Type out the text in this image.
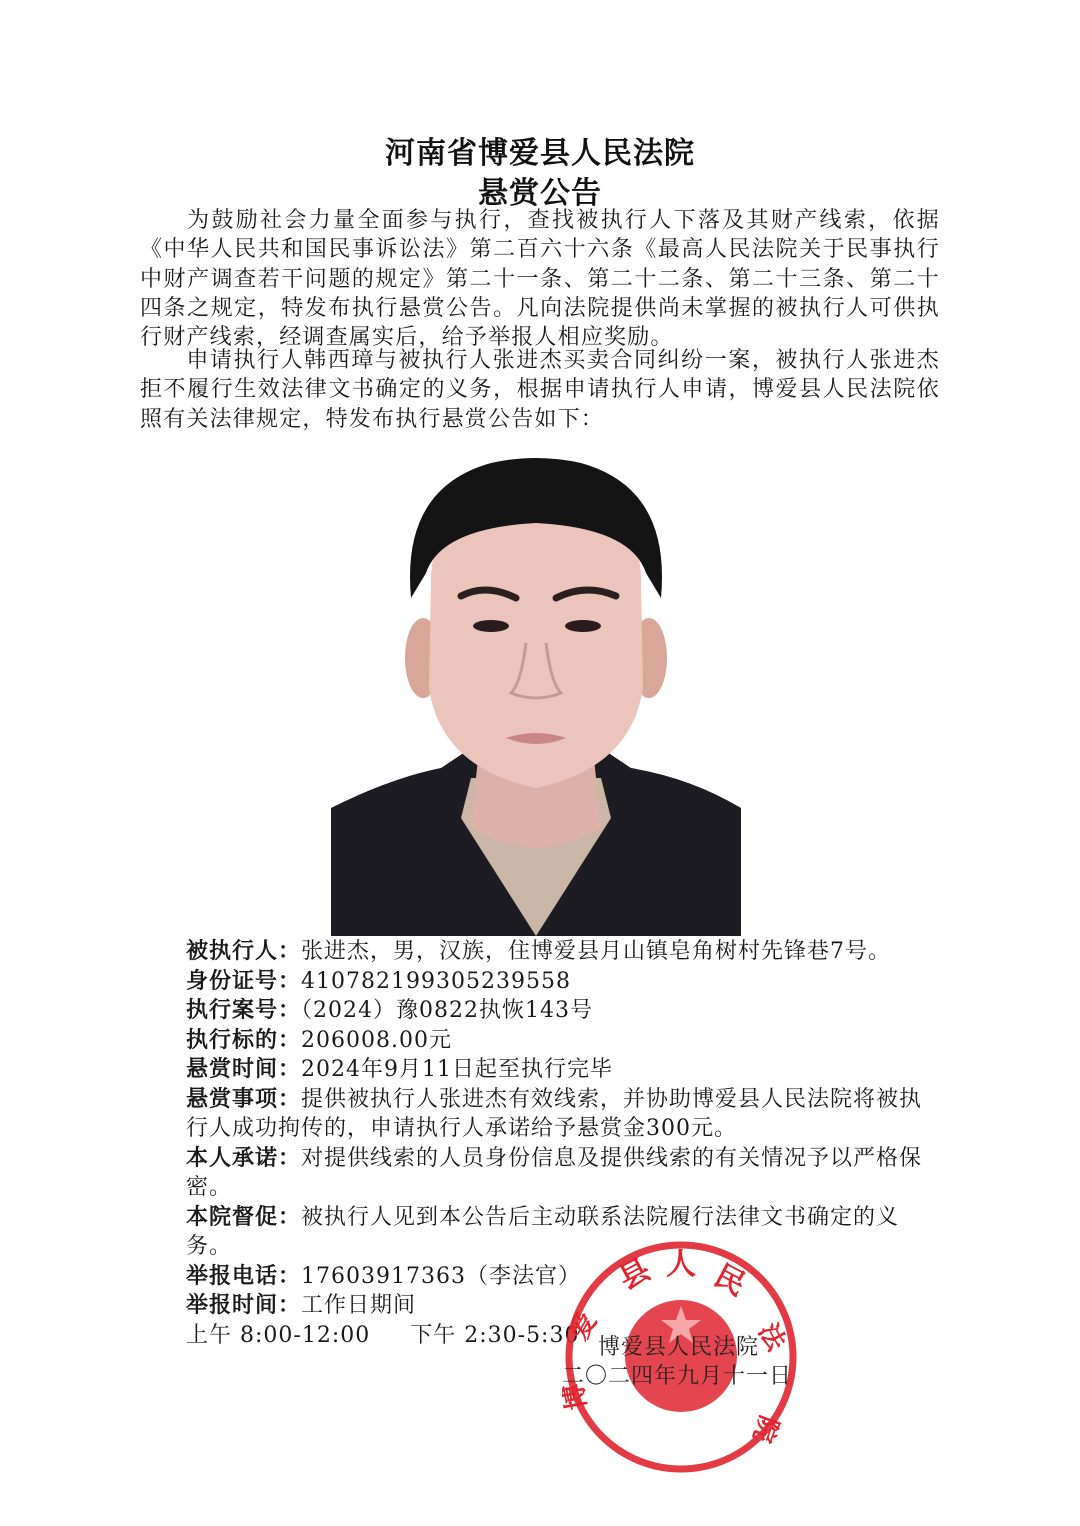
河南省博爱县人民法院
悬赏公告
为鼓励社会力量全面参与执行，查找被执行人下落及其财产线索，依据《中华人民共和国民事诉讼法》第二百六十六条《最高人民法院关于民事执行中财产调查若干问题的规定》第二十一条、第二十二条、第二十三条、第二十四条之规定，特发布执行悬赏公告。凡向法院提供尚未掌握的被执行人可供执行财产线索，经调查属实后，给予举报人相应奖励。
申请执行人韩西璋与被执行人张进杰买卖合同纠纷一案，被执行人张进杰拒不履行生效法律文书确定的义务，根据申请执行人申请，博爱县人民法院依照有关法律规定，特发布执行悬赏公告如下：
被执行人：张进杰，男，汉族，住博爱县月山镇皂角树村先锋巷7号。
身份证号：410782199305239558
执行案号：（2024）豫0822执恢143号
执行标的：206008.00元
悬赏时间：2024年9月11日起至执行完毕
悬赏事项：提供被执行人张进杰有效线索，并协助博爱县人民法院将被执行人成功拘传的，申请执行人承诺给予悬赏金300元。
本人承诺：对提供线索的人员身份信息及提供线索的有关情况予以严格保密。
本院督促：被执行人见到本公告后主动联系法院履行法律文书确定的义务。
举报电话：17603917363（李法官）
举报时间：工作日期间
上午 8:00-12:00 下午 2:30-5:30
县 人 民
爱	法
博
院
博爱县人民法院
二〇二四年九月十一日
